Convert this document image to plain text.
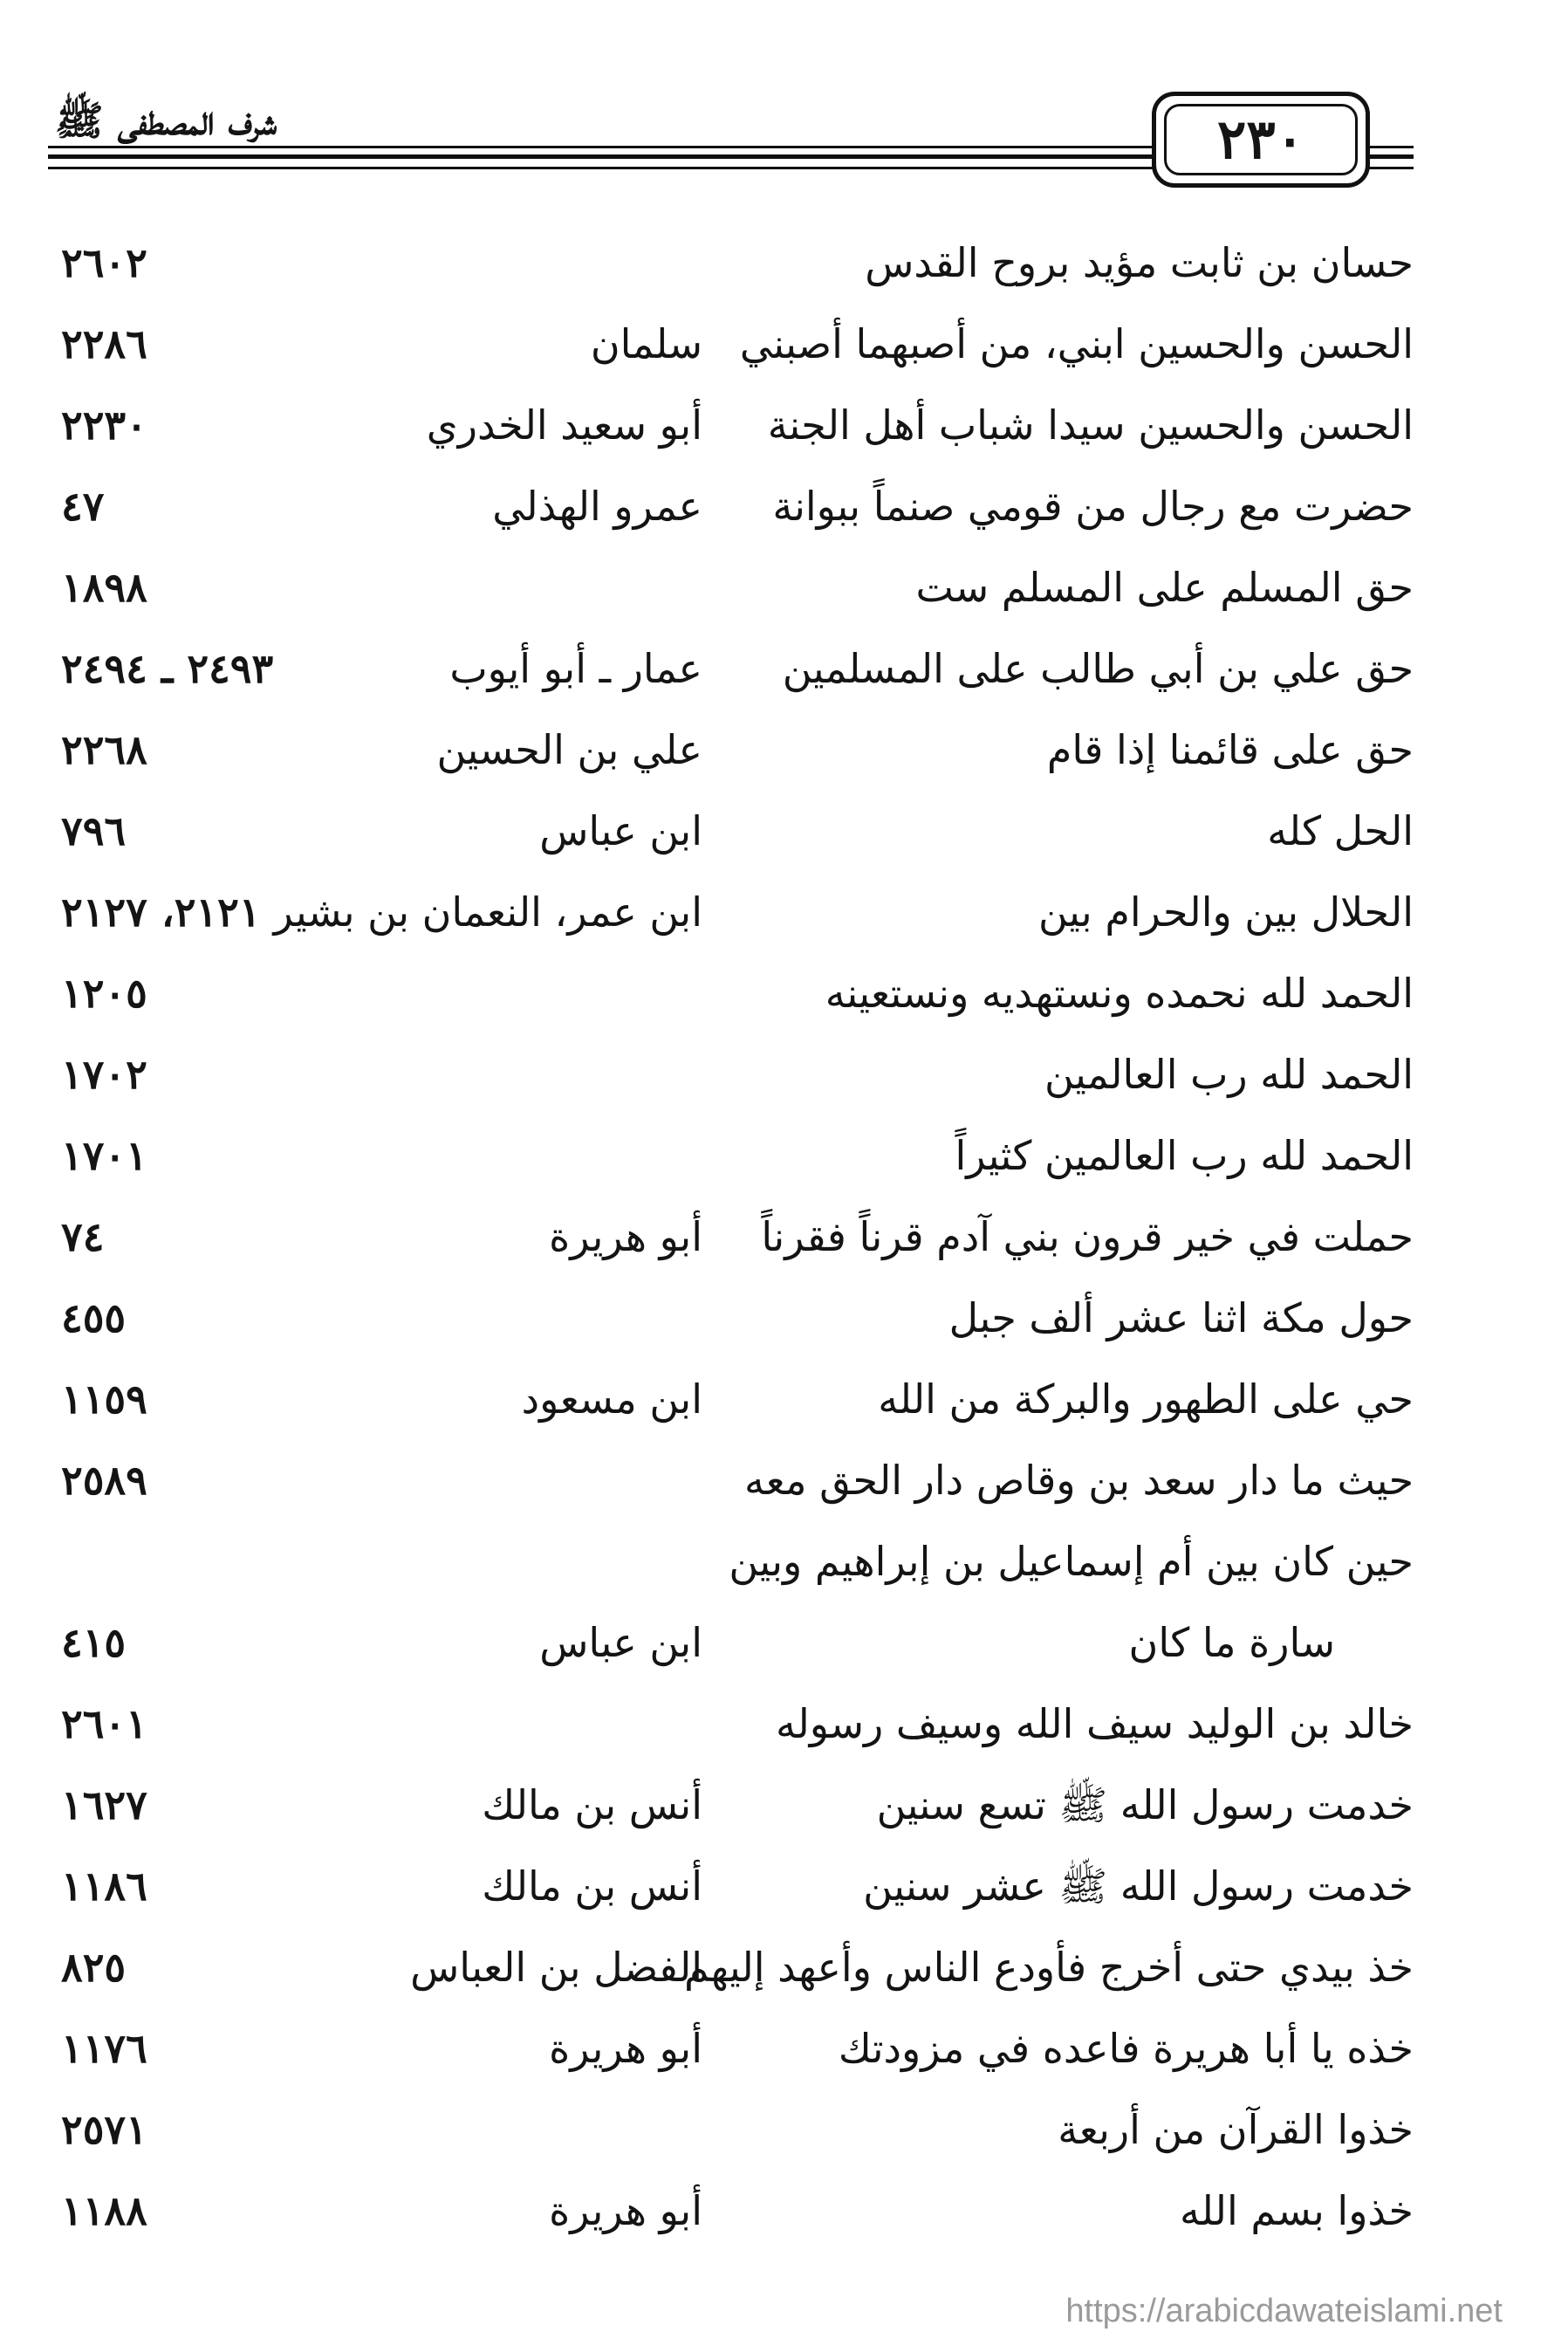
٢٣٠
شرف المصطفى ﷺ
حسان بن ثابت مؤيد بروح القدس
٢٦٠٢
الحسن والحسين ابني، من أصبهما أصبني
سلمان
٢٢٨٦
الحسن والحسين سيدا شباب أهل الجنة
أبو سعيد الخدري
٢٢٣٠
حضرت مع رجال من قومي صنماً ببوانة
عمرو الهذلي
٤٧
حق المسلم على المسلم ست
١٨٩٨
حق علي بن أبي طالب على المسلمين
عمار ـ أبو أيوب
٢٤٩٣ ـ ٢٤٩٤
حق على قائمنا إذا قام
علي بن الحسين
٢٢٦٨
الحل كله
ابن عباس
٧٩٦
الحلال بين والحرام بين
ابن عمر، النعمان بن بشير
٢١٢١، ٢١٢٧
الحمد لله نحمده ونستهديه ونستعينه
١٢٠٥
الحمد لله رب العالمين
١٧٠٢
الحمد لله رب العالمين كثيراً
١٧٠١
حملت في خير قرون بني آدم قرناً فقرناً
أبو هريرة
٧٤
حول مكة اثنا عشر ألف جبل
٤٥٥
حي على الطهور والبركة من الله
ابن مسعود
١١٥٩
حيث ما دار سعد بن وقاص دار الحق معه
٢٥٨٩
حين كان بين أم إسماعيل بن إبراهيم وبين
سارة ما كان
ابن عباس
٤١٥
خالد بن الوليد سيف الله وسيف رسوله
٢٦٠١
خدمت رسول الله ﷺ تسع سنين
أنس بن مالك
١٦٢٧
خدمت رسول الله ﷺ عشر سنين
أنس بن مالك
١١٨٦
خذ بيدي حتى أخرج فأودع الناس وأعهد إليهم
الفضل بن العباس
٨٢٥
خذه يا أبا هريرة فاعده في مزودتك
أبو هريرة
١١٧٦
خذوا القرآن من أربعة
٢٥٧١
خذوا بسم الله
أبو هريرة
١١٨٨
https://arabicdawateislami.net
